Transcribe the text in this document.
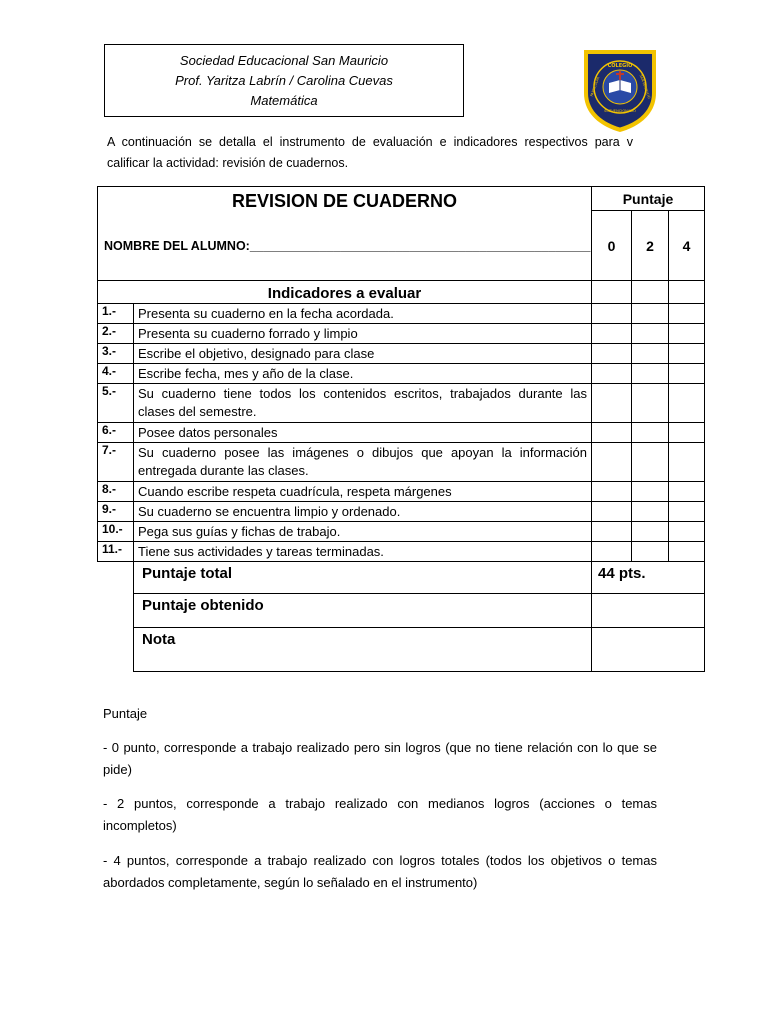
Sociedad Educacional San Mauricio
Prof. Yaritza Labrín / Carolina Cuevas
Matemática
COLEGIO
SUBVENCIONADO
PARTICULAR	SAN MAURICIO
A continuación se detalla el instrumento de evaluación e indicadores respectivos para v calificar la actividad: revisión de cuadernos.
REVISION DE CUADERNO
NOMBRE DEL ALUMNO:_________________________________________________		Puntaje		
		0	2	4
Indicadores a evaluar				
1.-	Presenta su cuaderno en la fecha acordada.			
2.-	Presenta su cuaderno forrado y limpio			
3.-	Escribe el objetivo, designado para clase			
4.-	Escribe fecha, mes y año de la clase.			
5.-	Su cuaderno tiene todos los contenidos escritos, trabajados durante las clases del semestre.			
6.-	Posee datos personales			
7.-	Su cuaderno posee las imágenes o dibujos que apoyan la información entregada durante las clases.			
8.-	Cuando escribe respeta cuadrícula, respeta márgenes			
9.-	Su cuaderno se encuentra limpio y ordenado.			
10.-	Pega sus guías y fichas de trabajo.			
11.-	Tiene sus actividades y tareas terminadas.			
	Puntaje total	44 pts.		
	Puntaje obtenido			
	Nota			
Puntaje
- 0 punto, corresponde a trabajo realizado pero sin logros (que no tiene relación con lo que se pide)
- 2 puntos, corresponde a trabajo realizado con medianos logros (acciones o temas incompletos)
- 4 puntos, corresponde a trabajo realizado con logros totales (todos los objetivos o temas abordados completamente, según lo señalado en el instrumento)
